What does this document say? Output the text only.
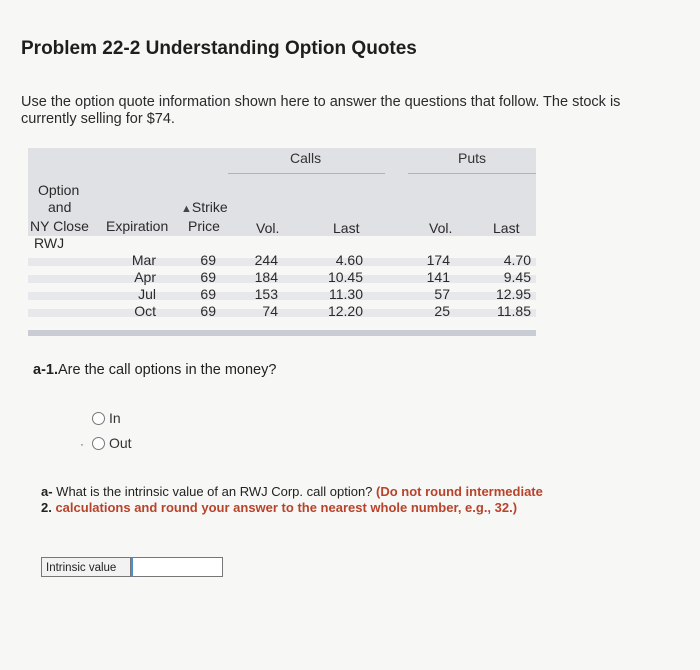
Problem 22-2 Understanding Option Quotes
Use the option quote information shown here to answer the questions that follow. The stock is currently selling for $74.
Calls	Puts
Option
and
NY Close Expiration
▲Strike
Price	Vol.	Last	Vol.	Last
RWJ
Mar	69	244	4.60	174	4.70
Apr	69	184	10.45	141	9.45
Jul	69	153	11.30	57	12.95
Oct	69	74	12.20	25	11.85
a-1.Are the call options in the money?
In
· Out
a- What is the intrinsic value of an RWJ Corp. call option? (Do not round intermediate
2. calculations and round your answer to the nearest whole number, e.g., 32.)
Intrinsic value
